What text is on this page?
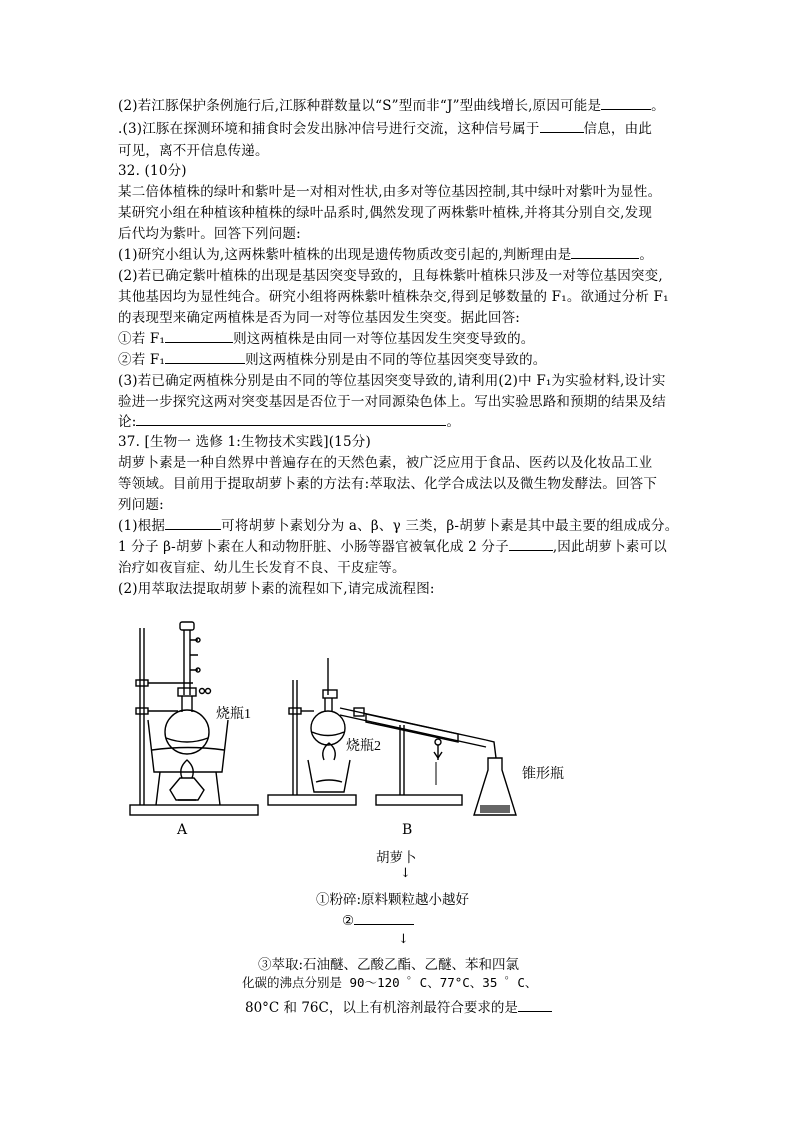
(2)若江豚保护条例施行后,江豚种群数量以“S”型而非“J”型曲线增长,原因可能是	。
.(3)江豚在探测环境和捕食时会发出脉冲信号进行交流，这种信号属于	信息，由此
可见，离不开信息传递。
32. (10分)
某二倍体植株的绿叶和紫叶是一对相对性状,由多对等位基因控制,其中绿叶对紫叶为显性。
某研究小组在种植该种植株的绿叶品系时,偶然发现了两株紫叶植株,并将其分别自交,发现
后代均为紫叶。回答下列问题:
(1)研究小组认为,这两株紫叶植株的出现是遗传物质改变引起的,判断理由是	。
(2)若已确定紫叶植株的出现是基因突变导致的，且每株紫叶植株只涉及一对等位基因突变,
其他基因均为显性纯合。研究小组将两株紫叶植株杂交,得到足够数量的 F₁。欲通过分析 F₁
的表现型来确定两植株是否为同一对等位基因发生突变。据此回答:
①若 F₁	则这两植株是由同一对等位基因发生突变导致的。
②若 F₁	则这两植株分别是由不同的等位基因突变导致的。
(3)若已确定两植株分别是由不同的等位基因突变导致的,请利用(2)中 F₁为实验材料,设计实
验进一步探究这两对突变基因是否位于一对同源染色体上。写出实验思路和预期的结果及结
论:	。
37. [生物一 选修 1:生物技术实践](15分)
胡萝卜素是一种自然界中普遍存在的天然色素，被广泛应用于食品、医药以及化妆品工业
等领域。目前用于提取胡萝卜素的方法有:萃取法、化学合成法以及微生物发酵法。回答下
列问题:
(1)根据	可将胡萝卜素划分为 a、β、γ 三类，β-胡萝卜素是其中最主要的组成成分。
1 分子 β-胡萝卜素在人和动物肝脏、小肠等器官被氧化成 2 分子	,因此胡萝卜素可以
治疗如夜盲症、幼儿生长发育不良、干皮症等。
(2)用萃取法提取胡萝卜素的流程如下,请完成流程图:
烧瓶1
烧瓶2
锥形瓶
A	B
胡萝卜
↓
①粉碎:原料颗粒越小越好
②
↓
③萃取:石油醚、乙酸乙酯、乙醚、苯和四氯
化碳的沸点分别是 90～120 ゜C、77°C、35 ゜C、
80°C 和 76C，以上有机溶剂最符合要求的是
